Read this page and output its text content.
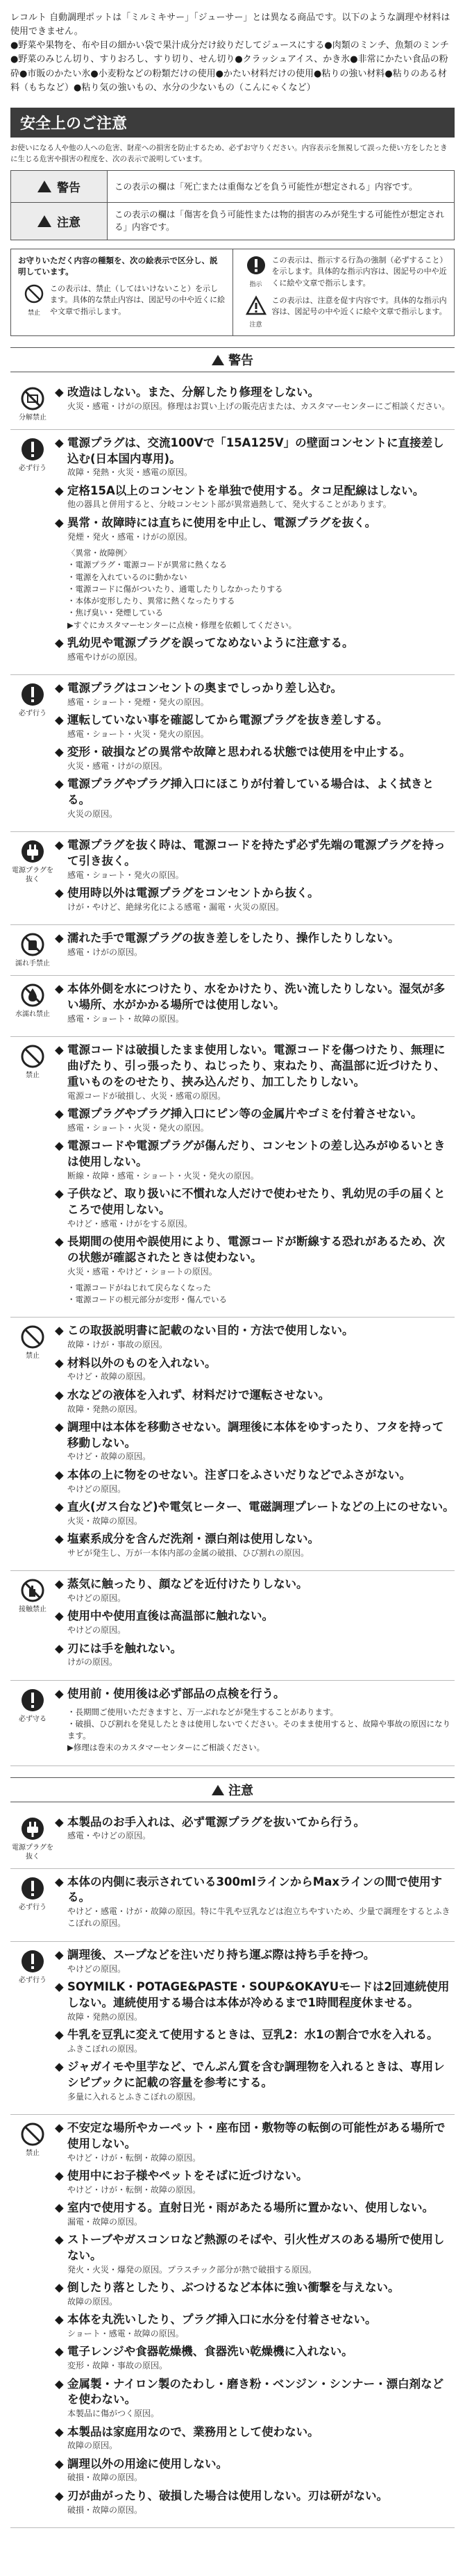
レコルト 自動調理ポットは「ミルミキサー」「ジューサー」とは異なる商品です。以下のような調理や材料は使用できません。

●野菜や果物を、布や目の細かい袋で果汁成分だけ絞りだしてジュースにする●肉類のミンチ、魚類のミンチ●野菜のみじん切り、すりおろし、すり切り、せん切り●クラッシュアイス、かき氷●非常にかたい食品の粉砕●市販のかたい氷●小麦粉などの粉類だけの使用●かたい材料だけの使用●粘りの強い材料●粘りのある材料（もちなど）●粘り気の強いもの、水分の少ないもの（こんにゃくなど）

安全上のご注意
お使いになる人や他の人への危害、財産への損害を防止するため、必ずお守りください。内容表示を無視して誤った使い方をしたときに生じる危害や損害の程度を、次の表示で説明しています。
警告	この表示の欄は「死亡または重傷などを負う可能性が想定される」内容です。
注意
この表示の欄は「傷害を負う可能性または物的損害のみが発生する可能性が想定される」内容です。
お守りいただく内容の種類を、次の絵表示で区分し、説明しています。
禁止
この表示は、禁止（してはいけないこと）を示します。具体的な禁止内容は、図記号の中や近くに絵や文章で指示します。
指示
この表示は、指示する行為の強制（必ずすること）を示します。具体的な指示内容は、図記号の中や近くに絵や文章で指示します。
注意
この表示は、注意を促す内容です。具体的な指示内容は、図記号の中や近くに絵や文章で指示します。
警告
分解禁止
◆ 改造はしない。また、分解したり修理をしない。

火災・感電・けがの原因。修理はお買い上げの販売店または、カスタマーセンターにご相談ください。

必ず行う
◆ 電源プラグは、交流100Vで「15A125V」の壁面コンセントに直接差し込む(日本国内専用)。

故障・発熱・火災・感電の原因。

◆ 定格15A以上のコンセントを単独で使用する。タコ足配線はしない。

他の器具と併用すると、分岐コンセント部が異常過熱して、発火することがあります。

◆ 異常・故障時には直ちに使用を中止し、電源プラグを抜く。

発煙・発火・感電・けがの原因。

〈異常・故障例〉
・電源プラグ・電源コードが異常に熱くなる
・電源を入れているのに動かない
・電源コードに傷がついたり、通電したりしなかったりする
・本体が変形したり、異常に熱くなったりする
・焦げ臭い・発煙している
▶すぐにカスタマーセンターに点検・修理を依頼してください。
◆ 乳幼児や電源プラグを誤ってなめないように注意する。

感電やけがの原因。

必ず行う
◆ 電源プラグはコンセントの奥までしっかり差し込む。

感電・ショート・発煙・発火の原因。

◆ 運転していない事を確認してから電源プラグを抜き差しする。

感電・ショート・火災・発火の原因。

◆ 変形・破損などの異常や故障と思われる状態では使用を中止する。

火災・感電・けがの原因。

◆ 電源プラグやプラグ挿入口にほこりが付着している場合は、よく拭きとる。

火災の原因。

電源プラグを抜く
◆ 電源プラグを抜く時は、電源コードを持たず必ず先端の電源プラグを持って引き抜く。

感電・ショート・発火の原因。

◆ 使用時以外は電源プラグをコンセントから抜く。

けが・やけど、絶縁劣化による感電・漏電・火災の原因。

濡れ手禁止
◆ 濡れた手で電源プラグの抜き差しをしたり、操作したりしない。

感電・けがの原因。

水濡れ禁止
◆ 本体外側を水につけたり、水をかけたり、洗い流したりしない。湿気が多い場所、水がかかる場所では使用しない。

感電・ショート・故障の原因。

禁止
◆ 電源コードは破損したまま使用しない。電源コードを傷つけたり、無理に曲げたり、引っ張ったり、ねじったり、束ねたり、高温部に近づけたり、重いものをのせたり、挟み込んだり、加工したりしない。

電源コードが破損し、火災・感電の原因。

◆ 電源プラグやプラグ挿入口にピン等の金属片やゴミを付着させない。

感電・ショート・火災・発火の原因。

◆ 電源コードや電源プラグが傷んだり、コンセントの差し込みがゆるいときは使用しない。

断線・故障・感電・ショート・火災・発火の原因。

◆ 子供など、取り扱いに不慣れな人だけで使わせたり、乳幼児の手の届くところで使用しない。

やけど・感電・けがをする原因。

◆ 長期間の使用や誤使用により、電源コードが断線する恐れがあるため、次の状態が確認されたときは使わない。

火災・感電・やけど・ショートの原因。

・電源コードがねじれて戻らなくなった
・電源コードの根元部分が変形・傷んでいる
禁止
◆ この取扱説明書に記載のない目的・方法で使用しない。

故障・けが・事故の原因。

◆ 材料以外のものを入れない。

やけど・故障の原因。

◆ 水などの液体を入れず、材料だけで運転させない。

故障・発熱の原因。

◆ 調理中は本体を移動させない。調理後に本体をゆすったり、フタを持って移動しない。

やけど・故障の原因。

◆ 本体の上に物をのせない。注ぎ口をふさいだりなどでふさがない。

やけどの原因。

◆ 直火(ガス台など)や電気ヒーター、電磁調理プレートなどの上にのせない。

火災・故障の原因。

◆ 塩素系成分を含んだ洗剤・漂白剤は使用しない。

サビが発生し、万が一本体内部の金属の破損、ひび割れの原因。

接触禁止
◆ 蒸気に触ったり、顔などを近付けたりしない。

やけどの原因。

◆ 使用中や使用直後は高温部に触れない。

やけどの原因。

◆ 刃には手を触れない。

けがの原因。

必ず守る
◆ 使用前・使用後は必ず部品の点検を行う。
・長期間ご使用いただきますと、万一ぶれなどが発生することがあります。
・破損、ひび割れを発見したときは使用しないでください。そのまま使用すると、故障や事故の原因になります。
▶修理は巻末のカスタマーセンターにご相談ください。
注意
電源プラグを抜く
◆ 本製品のお手入れは、必ず電源プラグを抜いてから行う。

感電・やけどの原因。

必ず行う
◆ 本体の内側に表示されている300mlラインからMaxラインの間で使用する。

やけど・感電・けが・故障の原因。特に牛乳や豆乳などは泡立ちやすいため、少量で調理をするとふきこぼれの原因。

必ず行う
◆ 調理後、スープなどを注いだり持ち運ぶ際は持ち手を持つ。

やけどの原因。

◆ SOYMILK・POTAGE&PASTE・SOUP&OKAYUモードは2回連続使用しない。連続使用する場合は本体が冷めるまで1時間程度休ませる。

故障・発熱の原因。

◆ 牛乳を豆乳に変えて使用するときは、豆乳2：水1の割合で水を入れる。

ふきこぼれの原因。

◆ ジャガイモや里芋など、でんぷん質を含む調理物を入れるときは、専用レシピブックに記載の容量を参考にする。

多量に入れるとふきこぼれの原因。

禁止
◆ 不安定な場所やカーペット・座布団・敷物等の転倒の可能性がある場所で使用しない。

やけど・けが・転倒・故障の原因。

◆ 使用中にお子様やペットをそばに近づけない。

やけど・けが・転倒・故障の原因。

◆ 室内で使用する。直射日光・雨があたる場所に置かない、使用しない。

漏電・故障の原因。

◆ ストーブやガスコンロなど熱源のそばや、引火性ガスのある場所で使用しない。

発火・火災・爆発の原因。プラスチック部分が熱で破損する原因。

◆ 倒したり落としたり、ぶつけるなど本体に強い衝撃を与えない。

故障の原因。

◆ 本体を丸洗いしたり、プラグ挿入口に水分を付着させない。

ショート・感電・故障の原因。

◆ 電子レンジや食器乾燥機、食器洗い乾燥機に入れない。

変形・故障・事故の原因。

◆ 金属製・ナイロン製のたわし・磨き粉・ベンジン・シンナー・漂白剤などを使わない。

本製品に傷がつく原因。

◆ 本製品は家庭用なので、業務用として使わない。

故障の原因。

◆ 調理以外の用途に使用しない。

破損・故障の原因。

◆ 刃が曲がったり、破損した場合は使用しない。刃は研がない。

破損・故障の原因。
